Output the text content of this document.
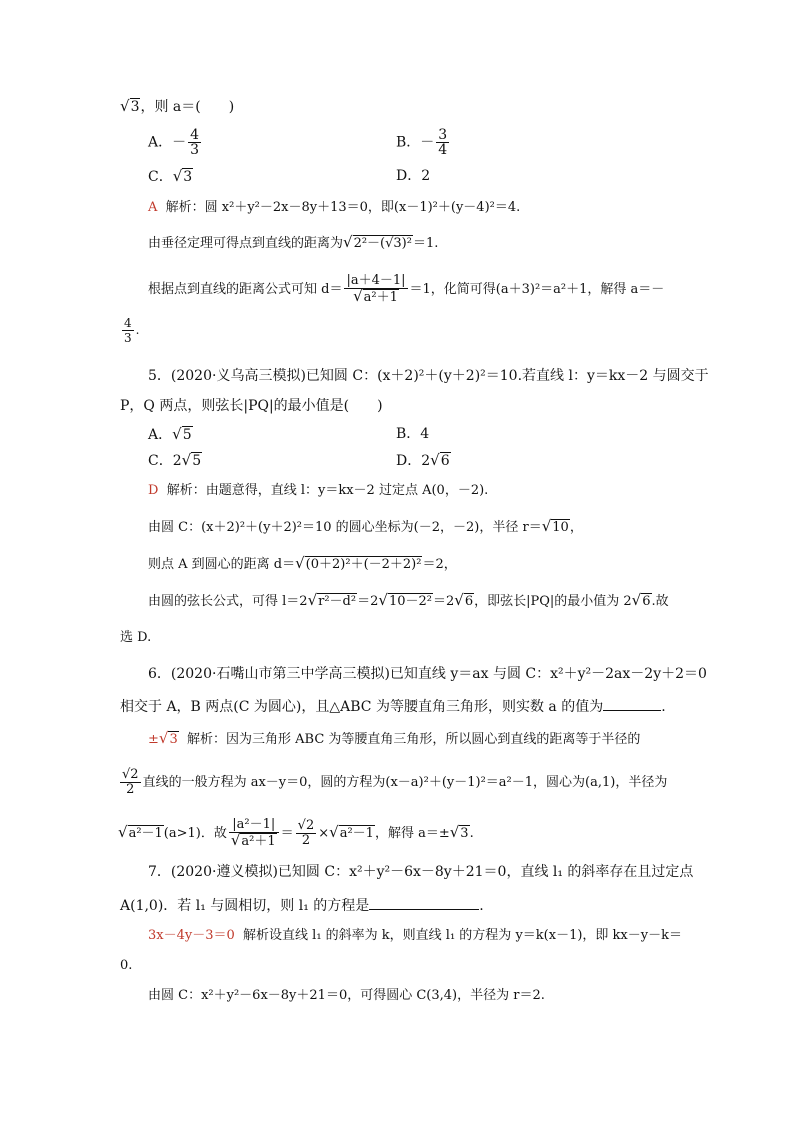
√3，则 a＝(　　)
A．－ $\frac{4}{3}$	B．－ $\frac{3}{4}$
C．√3	D．2
A 解析：圆 x²＋y²－2x－8y＋13＝0，即(x－1)²＋(y－4)²＝4.
由垂径定理可得点到直线的距离为√2²－(√3)²＝1.
根据点到直线的距离公式可知 $d= \frac{|a+4-1|}{\text{√a²＋1}} =1$，化简可得(a＋3)²＝a²＋1，解得 a＝－
$\frac{4}{3}$ .
5．(2020·义乌高三模拟)已知圆 C：(x＋2)²＋(y＋2)²＝10.若直线 l：y＝kx－2 与圆交于
P，Q 两点，则弦长|PQ|的最小值是(　　)
A．√5	B．4
C．2√5	D．2√6
D 解析：由题意得，直线 l：y＝kx－2 过定点 A(0，－2).
由圆 C：(x＋2)²＋(y＋2)²＝10 的圆心坐标为(－2，－2)，半径 r＝√10，
则点 A 到圆心的距离 d＝√(0＋2)²＋(－2＋2)²＝2，
由圆的弦长公式，可得 l＝2√r²－d²＝2√10－2²＝2√6，即弦长|PQ|的最小值为 2√6.故
选 D.
6．(2020·石嘴山市第三中学高三模拟)已知直线 y＝ax 与圆 C：x²＋y²－2ax－2y＋2＝0
相交于 A，B 两点(C 为圆心)，且△ABC 为等腰直角三角形，则实数 a 的值为	.
±√3 解析：因为三角形 ABC 为等腰直角三角形，所以圆心到直线的距离等于半径的
$\frac{√2}{2}$ 直线的一般方程为 ax－y＝0，圆的方程为(x－a)²＋(y－1)²＝a²－1，圆心为(a,1)，半径为
√a²－1(a>1)．故 $\frac{\text{|a²－1|}}{\text{√a²＋1}} = \frac{√2}{2} \times√a^2-1$，解得 a＝±√3.
7．(2020·遵义模拟)已知圆 C：x²＋y²－6x－8y＋21＝0，直线 l₁ 的斜率存在且过定点
A(1,0)．若 l₁ 与圆相切，则 l₁ 的方程是	.
3x－4y－3＝0 解析设直线 l₁ 的斜率为 k，则直线 l₁ 的方程为 y＝k(x－1)，即 kx－y－k＝
0.
由圆 C：x²＋y²－6x－8y＋21＝0，可得圆心 C(3,4)，半径为 r＝2.
